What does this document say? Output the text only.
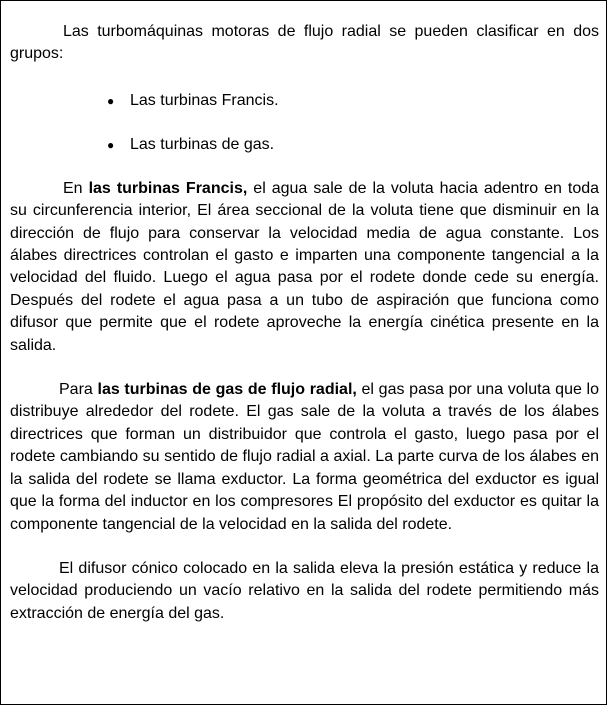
Las turbomáquinas motoras de flujo radial se pueden clasificar en dos grupos:

● Las turbinas Francis.
● Las turbinas de gas.

En las turbinas Francis, el agua sale de la voluta hacia adentro en toda su circunferencia interior, El área seccional de la voluta tiene que disminuir en la dirección de flujo para conservar la velocidad media de agua constante. Los álabes directrices controlan el gasto e imparten una componente tangencial a la velocidad del fluido. Luego el agua pasa por el rodete donde cede su energía. Después del rodete el agua pasa a un tubo de aspiración que funciona como difusor que permite que el rodete aproveche la energía cinética presente en la salida.

Para las turbinas de gas de flujo radial, el gas pasa por una voluta que lo distribuye alrededor del rodete. El gas sale de la voluta a través de los álabes directrices que forman un distribuidor que controla el gasto, luego pasa por el rodete cambiando su sentido de flujo radial a axial. La parte curva de los álabes en la salida del rodete se llama exductor. La forma geométrica del exductor es igual que la forma del inductor en los compresores El propósito del exductor es quitar la componente tangencial de la velocidad en la salida del rodete.

El difusor cónico colocado en la salida eleva la presión estática y reduce la velocidad produciendo un vacío relativo en la salida del rodete permitiendo más extracción de energía del gas.
